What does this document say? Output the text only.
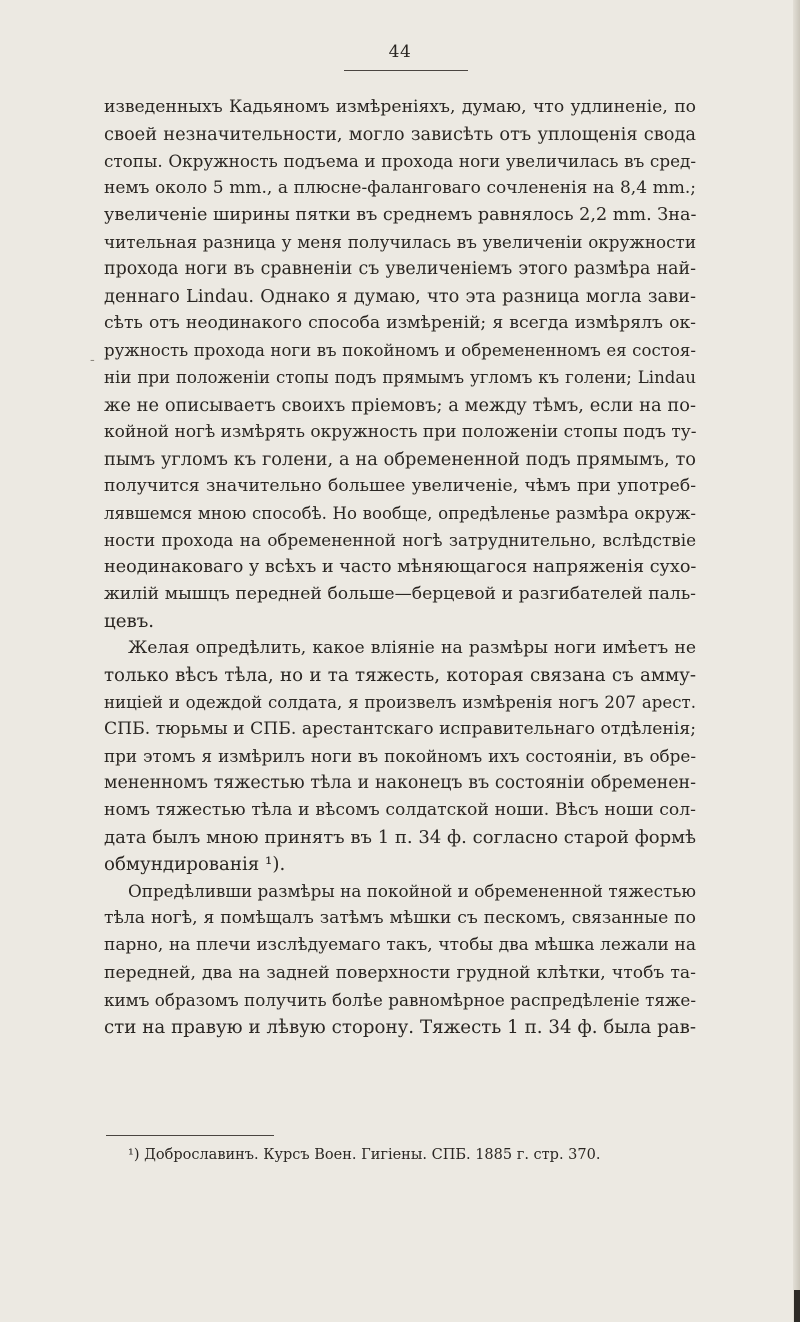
44
изведенныхъ Кадьяномъ измѣреніяхъ, думаю, что удлиненіе, по
своей незначительности, могло зависѣть отъ уплощенія свода
стопы. Окружность подъема и прохода ноги увеличилась въ сред-
немъ около 5 mm., а плюсне-фалангoваго сочлененія на 8,4 mm.;
увеличеніе ширины пятки въ среднемъ равнялось 2,2 mm. Зна-
чительная разница у меня получилась въ увеличеніи окружности
прохода ноги въ сравненіи съ увеличеніемъ этого размѣра най-
деннаго Lindau. Однако я думаю, что эта разница могла зави-
сѣть отъ неодинакого способа измѣреній; я всегда измѣрялъ ок-
ружность прохода ноги въ покойномъ и обремененномъ ея состоя-
ніи при положеніи стопы подъ прямымъ угломъ къ голени; Lindau
же не описываетъ своихъ пріемовъ; а между тѣмъ, если на по-
койной ногѣ измѣрять окружность при положеніи стопы подъ ту-
пымъ угломъ къ голени, а на обремененной подъ прямымъ, то
получится значительно большее увеличеніе, чѣмъ при употреб-
лявшемся мною способѣ. Но вообще, опредѣленье размѣра окруж-
ности прохода на обремененной ногѣ затруднительно, вслѣдствіе
неодинаковаго у всѣхъ и часто мѣняющагося напряженія сухо-
жилій мышцъ передней больше—берцевой и разгибателей паль-
цевъ.
Желая опредѣлить, какое вліяніе на размѣры ноги имѣетъ не
только вѣсъ тѣла, но и та тяжесть, которая связана съ амму-
ниціей и одеждой солдата, я произвелъ измѣренія ногъ 207 арест.
СПБ. тюрьмы и СПБ. арестантскаго исправительнаго отдѣленія;
при этомъ я измѣрилъ ноги въ покойномъ ихъ состояніи, въ обре-
мененномъ тяжестью тѣла и наконецъ въ состояніи обременен-
номъ тяжестью тѣла и вѣсомъ солдатской ноши. Вѣсъ ноши сол-
дата былъ мною принятъ въ 1 п. 34 ф. согласно старой формѣ
обмундированія ¹).
Опредѣливши размѣры на покойной и обремененной тяжестью
тѣла ногѣ, я помѣщалъ затѣмъ мѣшки съ пескомъ, связанные по
парно, на плечи изслѣдуемаго такъ, чтобы два мѣшка лежали на
передней, два на задней поверхности грудной клѣтки, чтобъ та-
кимъ образомъ получить болѣе равномѣрное распредѣленіе тяже-
сти на правую и лѣвую сторону. Тяжесть 1 п. 34 ф. была рав-
¹) Доброславинъ. Курсъ Воен. Гигіены. СПБ. 1885 г. стр. 370.
-
